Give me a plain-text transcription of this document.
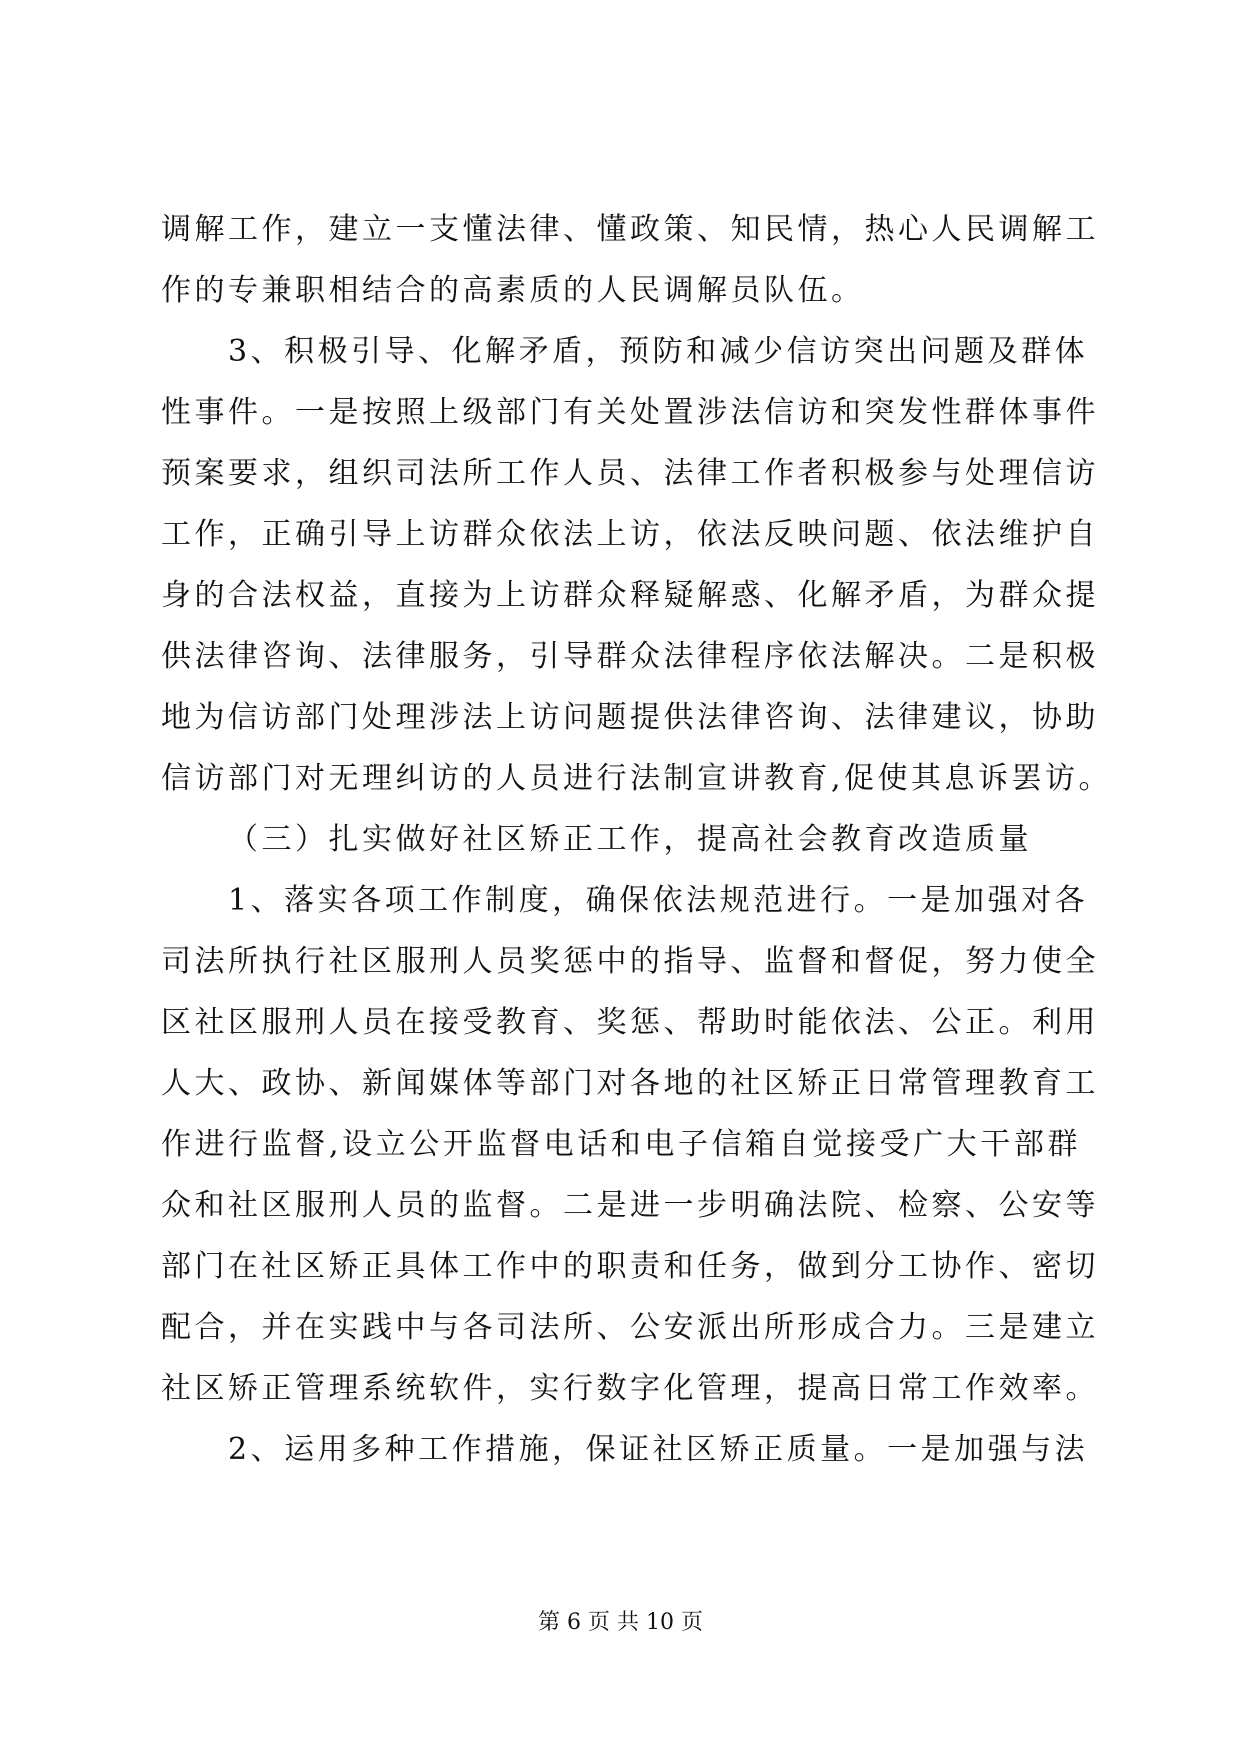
调解工作，建立一支懂法律、懂政策、知民情，热心人民调解工
作的专兼职相结合的高素质的人民调解员队伍。
3、积极引导、化解矛盾，预防和减少信访突出问题及群体
性事件。一是按照上级部门有关处置涉法信访和突发性群体事件
预案要求，组织司法所工作人员、法律工作者积极参与处理信访
工作，正确引导上访群众依法上访，依法反映问题、依法维护自
身的合法权益，直接为上访群众释疑解惑、化解矛盾，为群众提
供法律咨询、法律服务，引导群众法律程序依法解决。二是积极
地为信访部门处理涉法上访问题提供法律咨询、法律建议，协助
信访部门对无理纠访的人员进行法制宣讲教育,促使其息诉罢访。
（三）扎实做好社区矫正工作，提高社会教育改造质量
1、落实各项工作制度，确保依法规范进行。一是加强对各
司法所执行社区服刑人员奖惩中的指导、监督和督促，努力使全
区社区服刑人员在接受教育、奖惩、帮助时能依法、公正。利用
人大、政协、新闻媒体等部门对各地的社区矫正日常管理教育工
作进行监督,设立公开监督电话和电子信箱自觉接受广大干部群
众和社区服刑人员的监督。二是进一步明确法院、检察、公安等
部门在社区矫正具体工作中的职责和任务，做到分工协作、密切
配合，并在实践中与各司法所、公安派出所形成合力。三是建立
社区矫正管理系统软件，实行数字化管理，提高日常工作效率。
2、运用多种工作措施，保证社区矫正质量。一是加强与法
第 6 页 共 10 页
